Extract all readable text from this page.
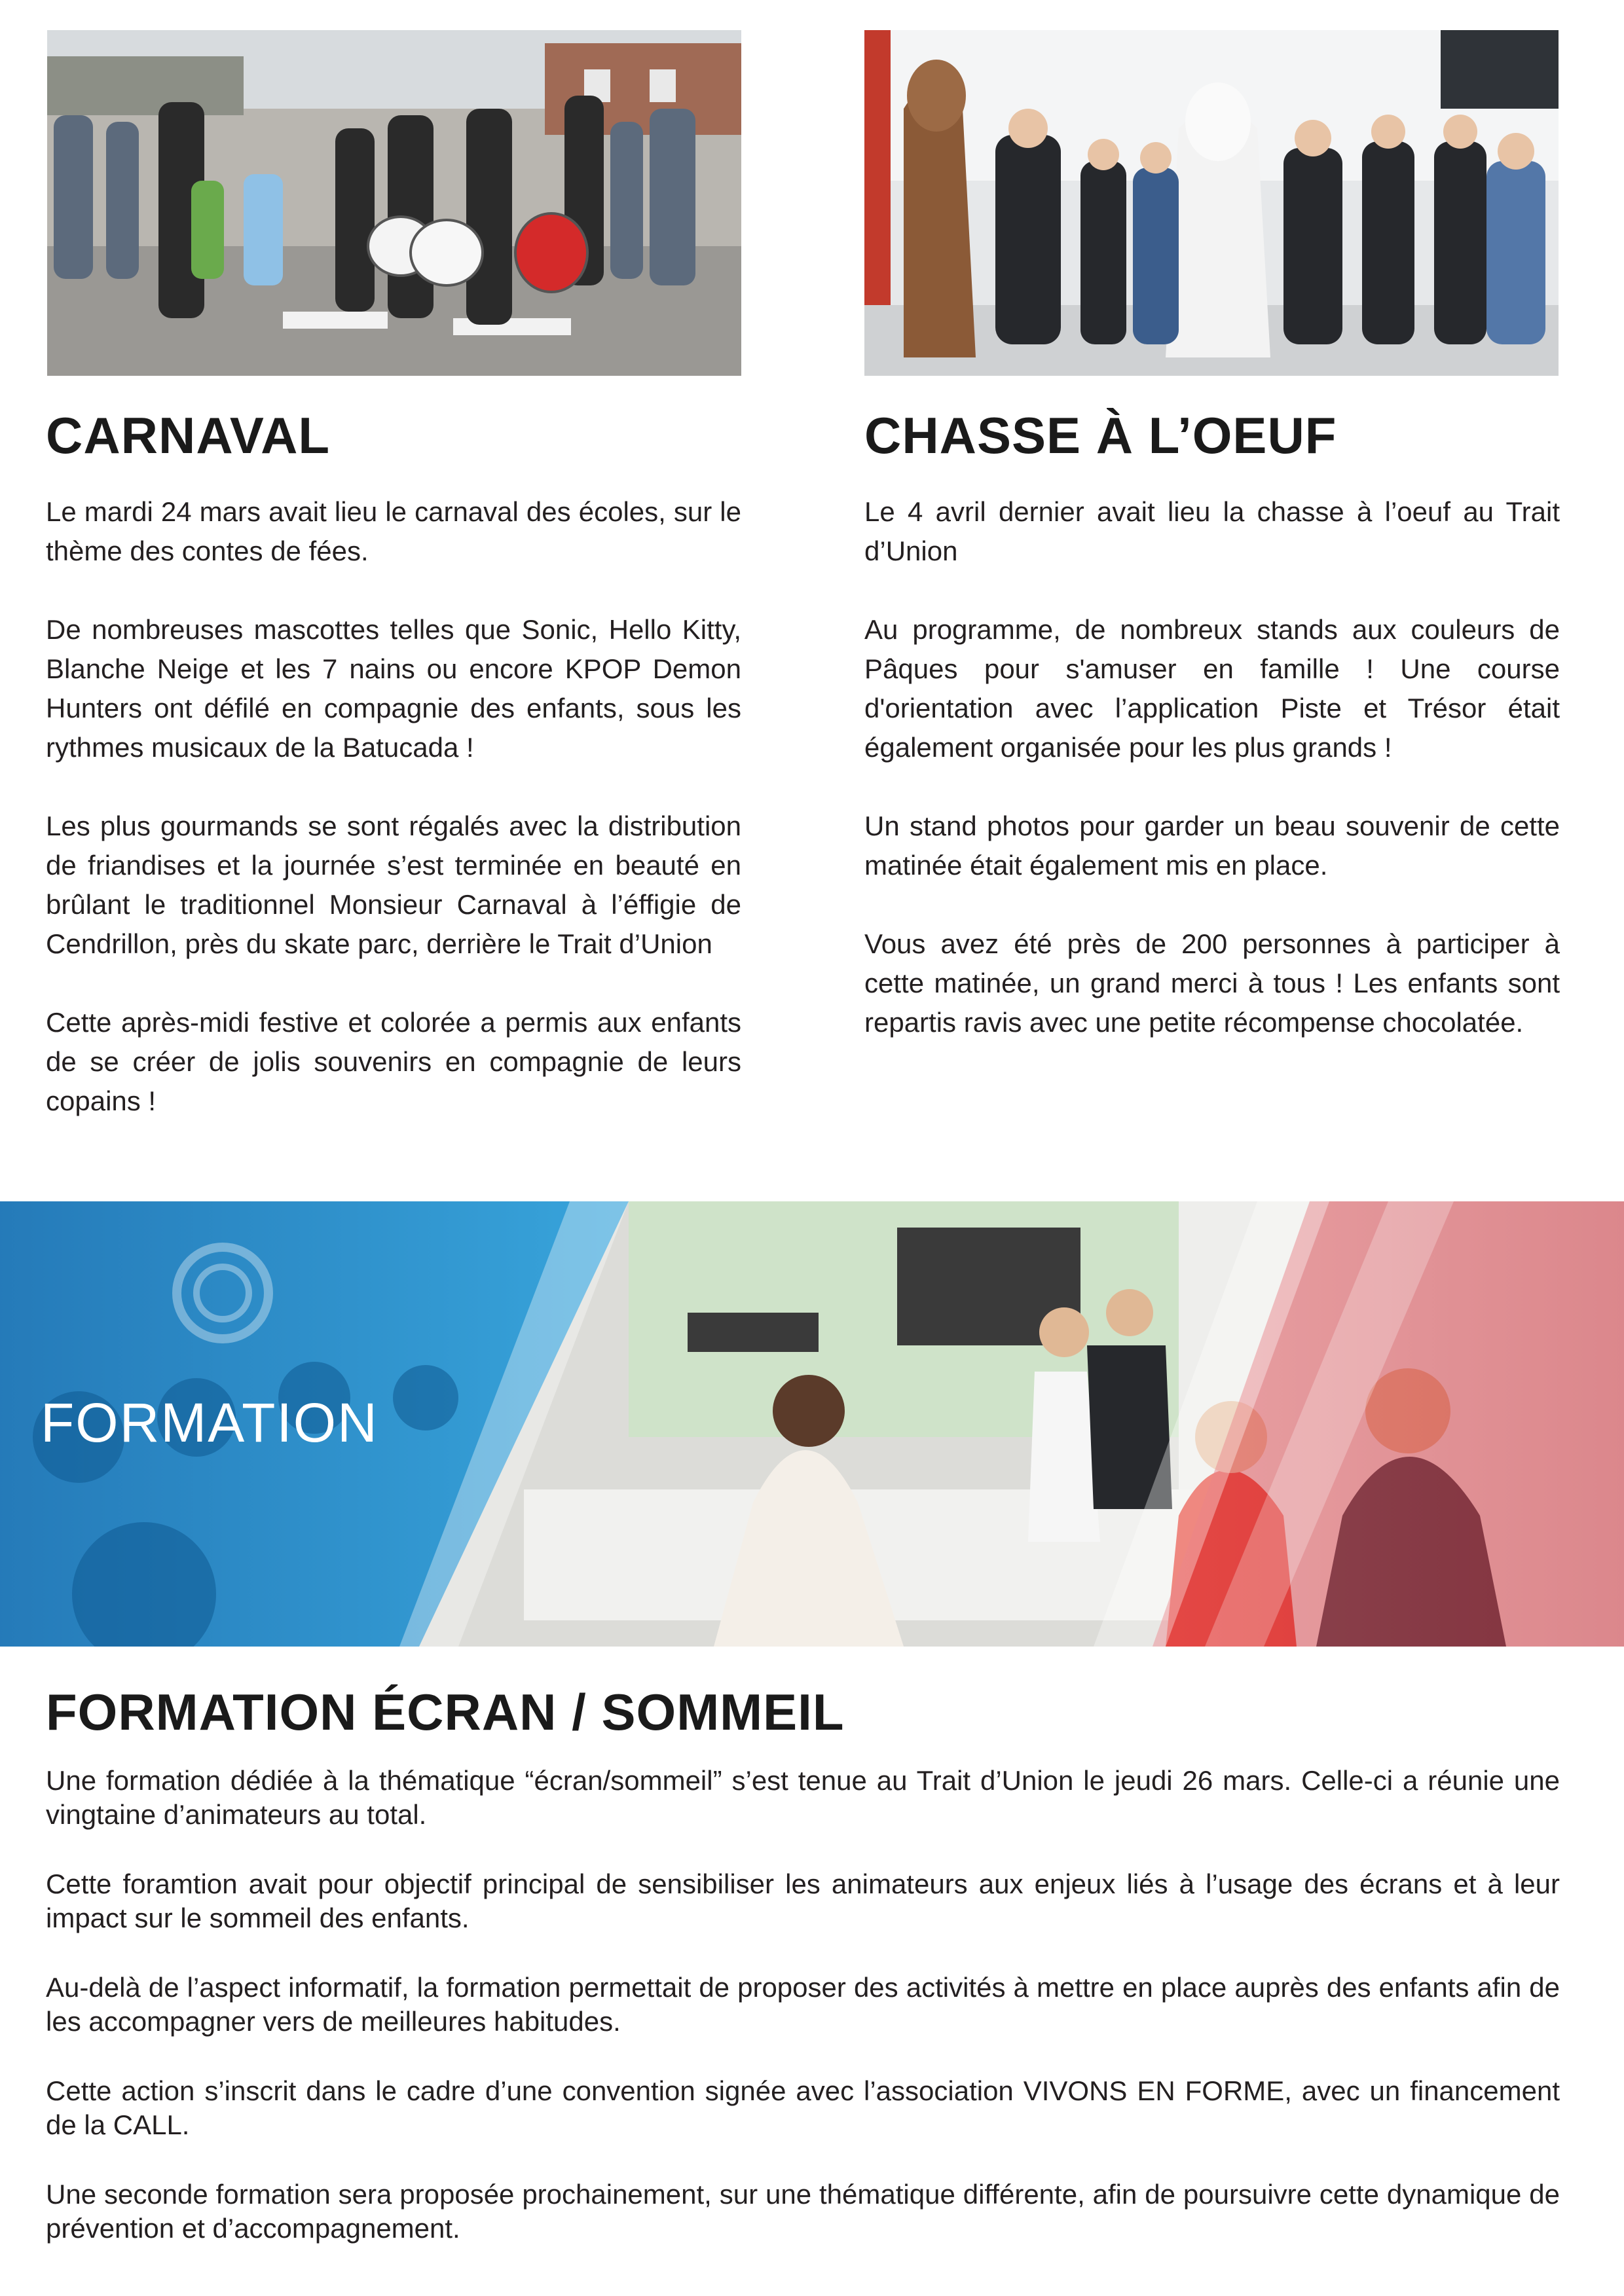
CARNAVAL

Le mardi 24 mars avait lieu le carnaval des écoles, sur le thème des contes de fées.

De nombreuses mascottes telles que Sonic, Hello Kitty, Blanche Neige et les 7 nains ou encore KPOP Demon Hunters ont défilé en compagnie des enfants, sous les rythmes musicaux de la Batucada !

Les plus gourmands se sont régalés avec la distribution de friandises et la journée s’est terminée en beauté en brûlant le traditionnel Monsieur Carnaval à l’éffigie de Cendrillon, près du skate parc, derrière le Trait d’Union

Cette après-midi festive et colorée a permis aux enfants de se créer de jolis souvenirs en compagnie de leurs copains !

CHASSE À L’OEUF

Le 4 avril dernier avait lieu la chasse à l’oeuf au Trait d’Union

Au programme, de nombreux stands aux couleurs de Pâques pour s'amuser en famille ! Une course d'orientation avec l’application Piste et Trésor était également organisée pour les plus grands !

Un stand photos pour garder un beau souvenir de cette matinée était également mis en place.

Vous avez été près de 200 personnes à participer à cette matinée, un grand merci à tous ! Les enfants sont repartis ravis avec une petite récompense chocolatée.

FORMATION
FORMATION ÉCRAN / SOMMEIL

Une formation dédiée à la thématique “écran/sommeil” s’est tenue au Trait d’Union le jeudi 26 mars. Celle-ci a réunie une vingtaine d’animateurs au total.

Cette foramtion avait pour objectif principal de sensibiliser les animateurs aux enjeux liés à l’usage des écrans et à leur impact sur le sommeil des enfants.

Au-delà de l’aspect informatif, la formation permettait de proposer des activités à mettre en place auprès des enfants afin de les accompagner vers de meilleures habitudes.

Cette action s’inscrit dans le cadre d’une convention signée avec l’association VIVONS EN FORME, avec un financement de la CALL.

Une seconde formation sera proposée prochainement, sur une thématique différente, afin de poursuivre cette dynamique de prévention et d’accompagnement.
